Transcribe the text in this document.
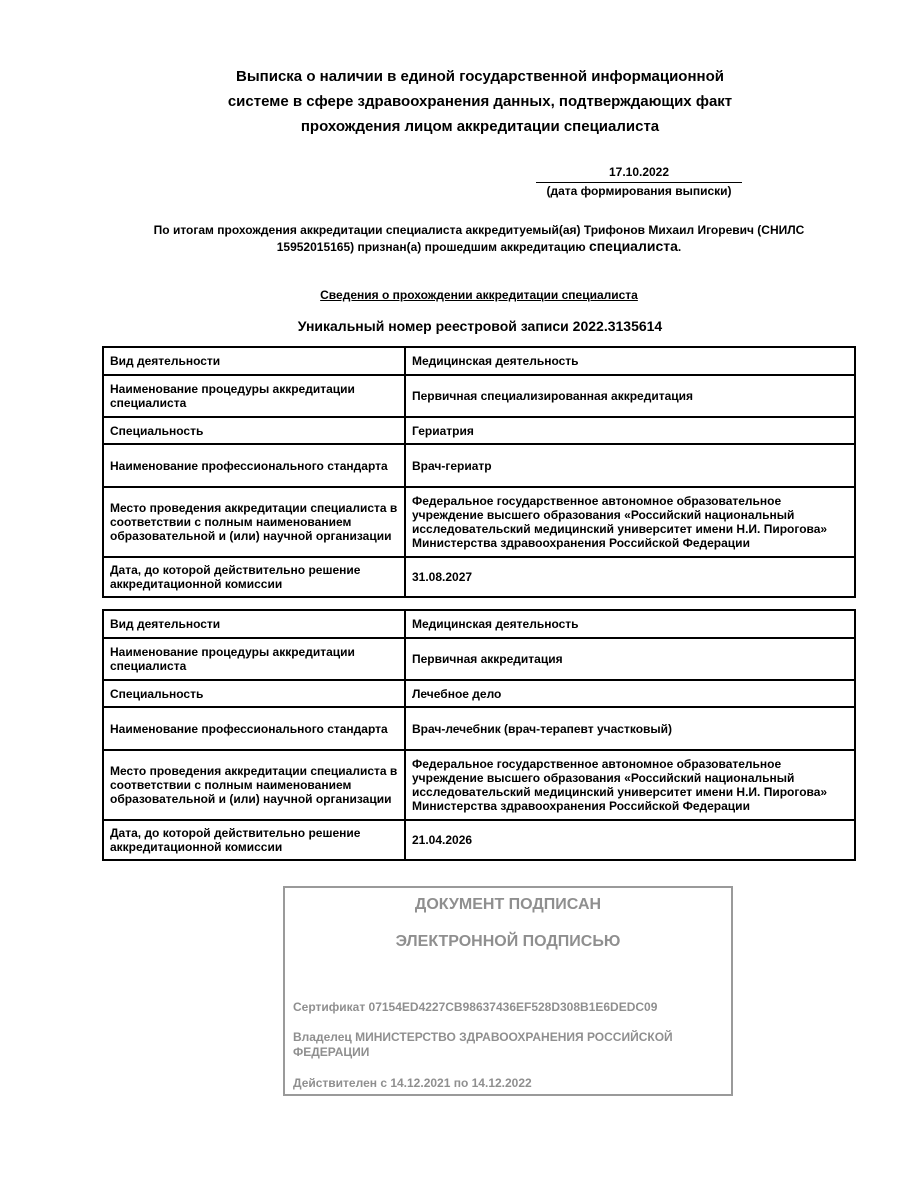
Выписка о наличии в единой государственной информационной
системе в сфере здравоохранения данных, подтверждающих факт
прохождения лицом аккредитации специалиста
17.10.2022
(дата формирования выписки)
По итогам прохождения аккредитации специалиста аккредитуемый(ая) Трифонов Михаил Игоревич (СНИЛС
15952015165) признан(а) прошедшим аккредитацию специалиста.
Сведения о прохождении аккредитации специалиста
Уникальный номер реестровой записи 2022.3135614
Вид деятельности	Медицинская деятельность
Наименование процедуры аккредитации специалиста	Первичная специализированная аккредитация
Специальность	Гериатрия
Наименование профессионального стандарта	Врач-гериатр
Место проведения аккредитации специалиста в соответствии с полным наименованием образовательной и (или) научной организации	Федеральное государственное автономное образовательное учреждение высшего образования «Российский национальный исследовательский медицинский университет имени Н.И. Пирогова» Министерства здравоохранения Российской Федерации
Дата, до которой действительно решение аккредитационной комиссии	31.08.2027
Вид деятельности	Медицинская деятельность
Наименование процедуры аккредитации специалиста	Первичная аккредитация
Специальность	Лечебное дело
Наименование профессионального стандарта	Врач-лечебник (врач-терапевт участковый)
Место проведения аккредитации специалиста в соответствии с полным наименованием образовательной и (или) научной организации	Федеральное государственное автономное образовательное учреждение высшего образования «Российский национальный исследовательский медицинский университет имени Н.И. Пирогова» Министерства здравоохранения Российской Федерации
Дата, до которой действительно решение аккредитационной комиссии	21.04.2026
ДОКУМЕНТ ПОДПИСАН
ЭЛЕКТРОННОЙ ПОДПИСЬЮ
Сертификат 07154ED4227CB98637436EF528D308B1E6DEDC09
Владелец МИНИСТЕРСТВО ЗДРАВООХРАНЕНИЯ РОССИЙСКОЙ ФЕДЕРАЦИИ
Действителен с 14.12.2021 по 14.12.2022
